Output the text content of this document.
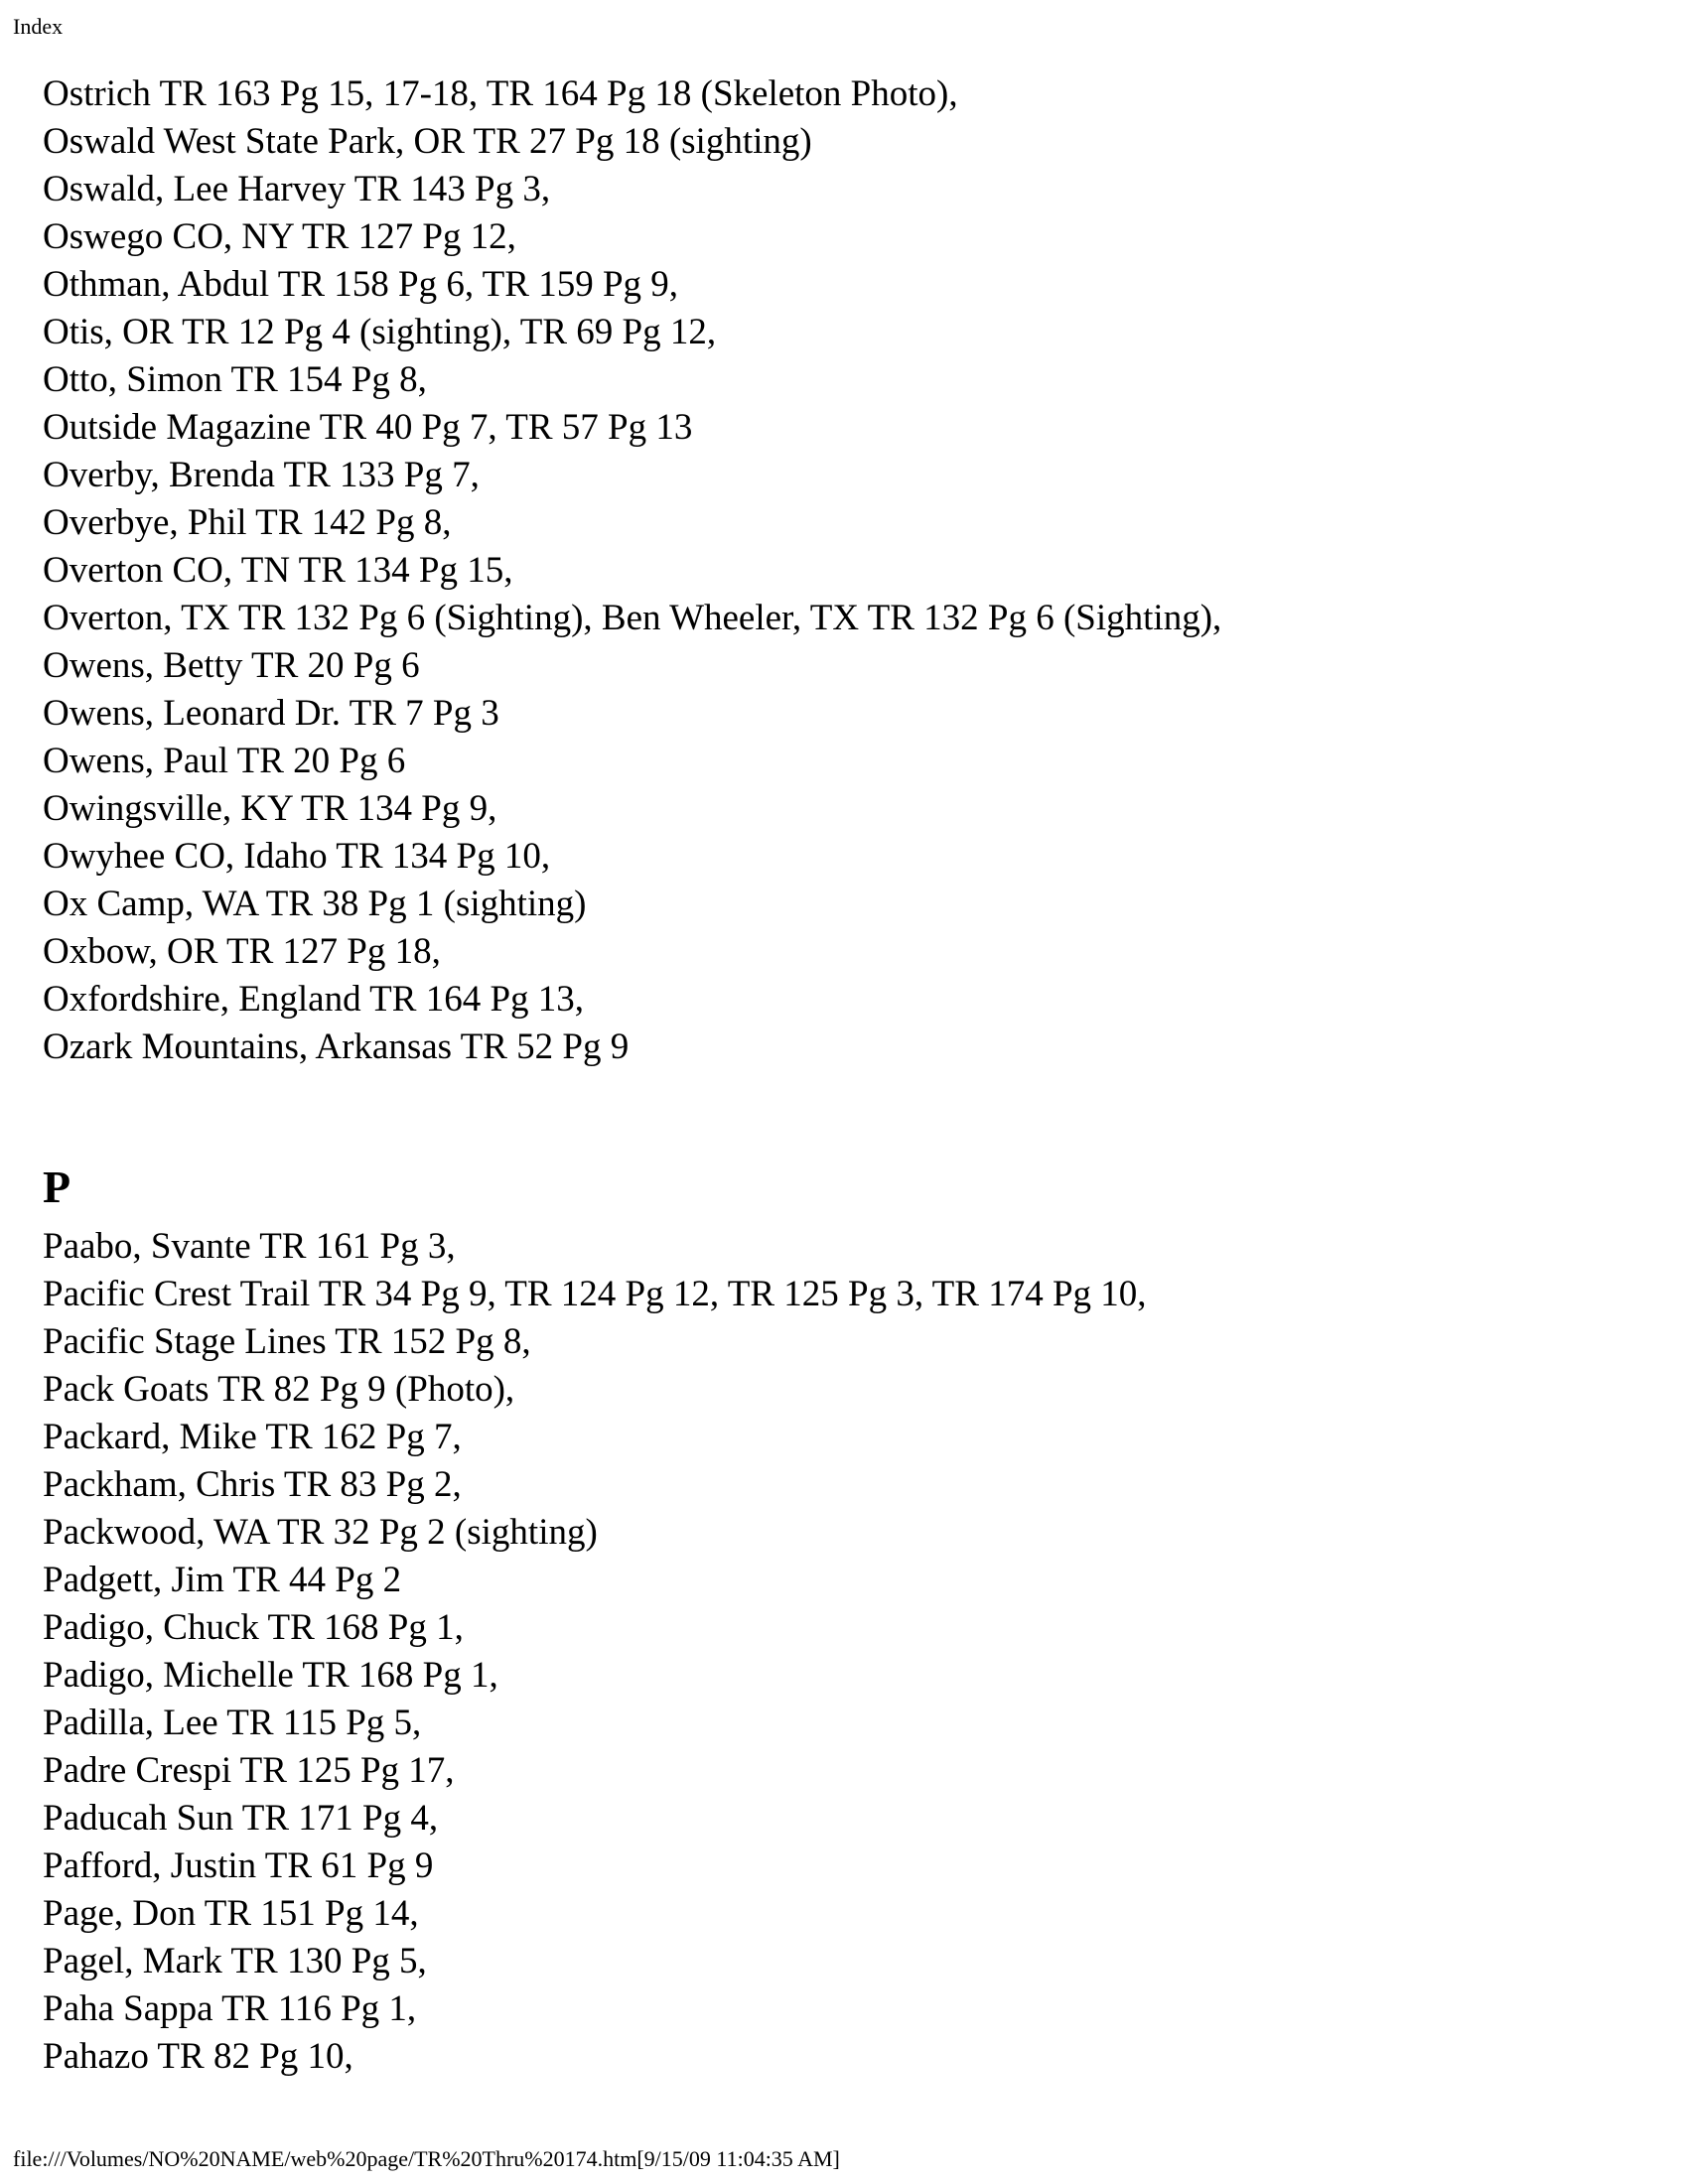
Index
Ostrich TR 163 Pg 15, 17-18, TR 164 Pg 18 (Skeleton Photo),
Oswald West State Park, OR TR 27 Pg 18 (sighting)
Oswald, Lee Harvey TR 143 Pg 3,
Oswego CO, NY TR 127 Pg 12,
Othman, Abdul TR 158 Pg 6, TR 159 Pg 9,
Otis, OR TR 12 Pg 4 (sighting), TR 69 Pg 12,
Otto, Simon TR 154 Pg 8,
Outside Magazine TR 40 Pg 7, TR 57 Pg 13
Overby, Brenda TR 133 Pg 7,
Overbye, Phil TR 142 Pg 8,
Overton CO, TN TR 134 Pg 15,
Overton, TX TR 132 Pg 6 (Sighting), Ben Wheeler, TX TR 132 Pg 6 (Sighting),
Owens, Betty TR 20 Pg 6
Owens, Leonard Dr. TR 7 Pg 3
Owens, Paul TR 20 Pg 6
Owingsville, KY TR 134 Pg 9,
Owyhee CO, Idaho TR 134 Pg 10,
Ox Camp, WA TR 38 Pg 1 (sighting)
Oxbow, OR TR 127 Pg 18,
Oxfordshire, England TR 164 Pg 13,
Ozark Mountains, Arkansas TR 52 Pg 9
P
Paabo, Svante TR 161 Pg 3,
Pacific Crest Trail TR 34 Pg 9, TR 124 Pg 12, TR 125 Pg 3, TR 174 Pg 10,
Pacific Stage Lines TR 152 Pg 8,
Pack Goats TR 82 Pg 9 (Photo),
Packard, Mike TR 162 Pg 7,
Packham, Chris TR 83 Pg 2,
Packwood, WA TR 32 Pg 2 (sighting)
Padgett, Jim TR 44 Pg 2
Padigo, Chuck TR 168 Pg 1,
Padigo, Michelle TR 168 Pg 1,
Padilla, Lee TR 115 Pg 5,
Padre Crespi TR 125 Pg 17,
Paducah Sun TR 171 Pg 4,
Pafford, Justin TR 61 Pg 9
Page, Don TR 151 Pg 14,
Pagel, Mark TR 130 Pg 5,
Paha Sappa TR 116 Pg 1,
Pahazo TR 82 Pg 10,
file:///Volumes/NO%20NAME/web%20page/TR%20Thru%20174.htm[9/15/09 11:04:35 AM]
